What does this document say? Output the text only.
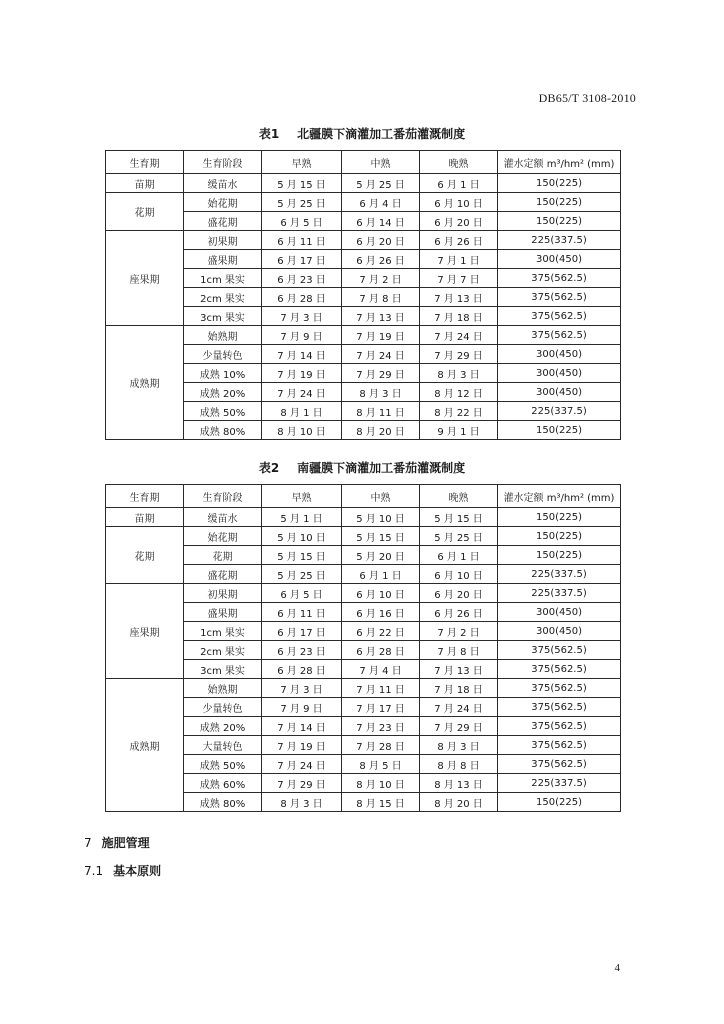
DB65/T 3108-2010
表1 北疆膜下滴灌加工番茄灌溉制度
生育期	生育阶段	早熟	中熟	晚熟	灌水定额 m³/hm² (mm)
苗期	缓苗水	5 月 15 日	5 月 25 日	6 月 1 日	150(225)
花期	始花期	5 月 25 日	6 月 4 日	6 月 10 日	150(225)
	盛花期	6 月 5 日	6 月 14 日	6 月 20 日	150(225)
座果期	初果期	6 月 11 日	6 月 20 日	6 月 26 日	225(337.5)
	盛果期	6 月 17 日	6 月 26 日	7 月 1 日	300(450)
	1cm 果实	6 月 23 日	7 月 2 日	7 月 7 日	375(562.5)
	2cm 果实	6 月 28 日	7 月 8 日	7 月 13 日	375(562.5)
	3cm 果实	7 月 3 日	7 月 13 日	7 月 18 日	375(562.5)
成熟期	始熟期	7 月 9 日	7 月 19 日	7 月 24 日	375(562.5)
	少量转色	7 月 14 日	7 月 24 日	7 月 29 日	300(450)
	成熟 10%	7 月 19 日	7 月 29 日	8 月 3 日	300(450)
	成熟 20%	7 月 24 日	8 月 3 日	8 月 12 日	300(450)
	成熟 50%	8 月 1 日	8 月 11 日	8 月 22 日	225(337.5)
	成熟 80%	8 月 10 日	8 月 20 日	9 月 1 日	150(225)
表2 南疆膜下滴灌加工番茄灌溉制度
生育期	生育阶段	早熟	中熟	晚熟	灌水定额 m³/hm² (mm)
苗期	缓苗水	5 月 1 日	5 月 10 日	5 月 15 日	150(225)
花期	始花期	5 月 10 日	5 月 15 日	5 月 25 日	150(225)
	花期	5 月 15 日	5 月 20 日	6 月 1 日	150(225)
	盛花期	5 月 25 日	6 月 1 日	6 月 10 日	225(337.5)
座果期	初果期	6 月 5 日	6 月 10 日	6 月 20 日	225(337.5)
	盛果期	6 月 11 日	6 月 16 日	6 月 26 日	300(450)
	1cm 果实	6 月 17 日	6 月 22 日	7 月 2 日	300(450)
	2cm 果实	6 月 23 日	6 月 28 日	7 月 8 日	375(562.5)
	3cm 果实	6 月 28 日	7 月 4 日	7 月 13 日	375(562.5)
成熟期	始熟期	7 月 3 日	7 月 11 日	7 月 18 日	375(562.5)
	少量转色	7 月 9 日	7 月 17 日	7 月 24 日	375(562.5)
	成熟 20%	7 月 14 日	7 月 23 日	7 月 29 日	375(562.5)
	大量转色	7 月 19 日	7 月 28 日	8 月 3 日	375(562.5)
	成熟 50%	7 月 24 日	8 月 5 日	8 月 8 日	375(562.5)
	成熟 60%	7 月 29 日	8 月 10 日	8 月 13 日	225(337.5)
	成熟 80%	8 月 3 日	8 月 15 日	8 月 20 日	150(225)
7 施肥管理
7.1 基本原则
4
